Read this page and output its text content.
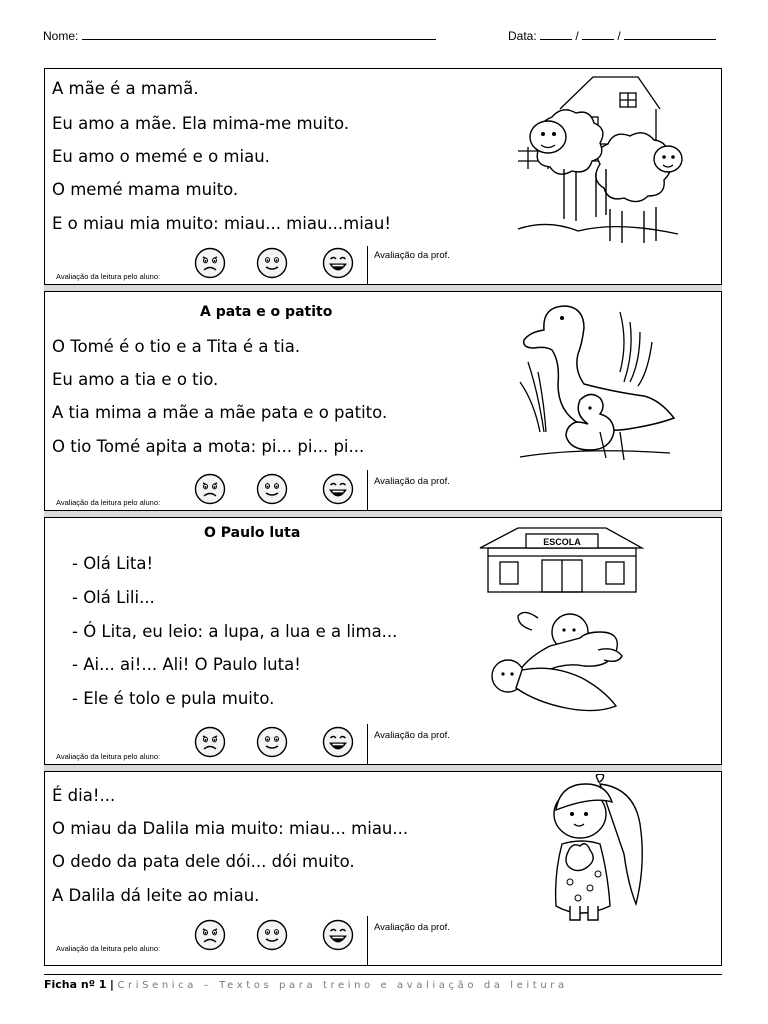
Nome:	Data:	/	/
A mãe é a mamã.
Eu amo a mãe. Ela mima-me muito.
Eu amo o memé e o miau.
O memé mama muito.
E o miau mia muito: miau... miau...miau!
Avaliação da leitura pelo aluno:
Avaliação da prof.
A pata e o patito
O Tomé é o tio e a Tita é a tia.
Eu amo a tia e o tio.
A tia mima a mãe a mãe pata e o patito.
O tio Tomé apita a mota: pi... pi... pi...
Avaliação da leitura pelo aluno:
Avaliação da prof.
O Paulo luta
- Olá Lita!
- Olá Lili...
- Ó Lita, eu leio: a lupa, a lua e a lima...
- Ai... ai!... Ali! O Paulo luta!
- Ele é tolo e pula muito.
ESCOLA
Avaliação da leitura pelo aluno:
Avaliação da prof.
É dia!...
O miau da Dalila mia muito: miau... miau...
O dedo da pata dele dói... dói muito.
A Dalila dá leite ao miau.
Avaliação da leitura pelo aluno:
Avaliação da prof.
Ficha nº 1 | CriSenica – Textos para treino e avaliação da leitura
